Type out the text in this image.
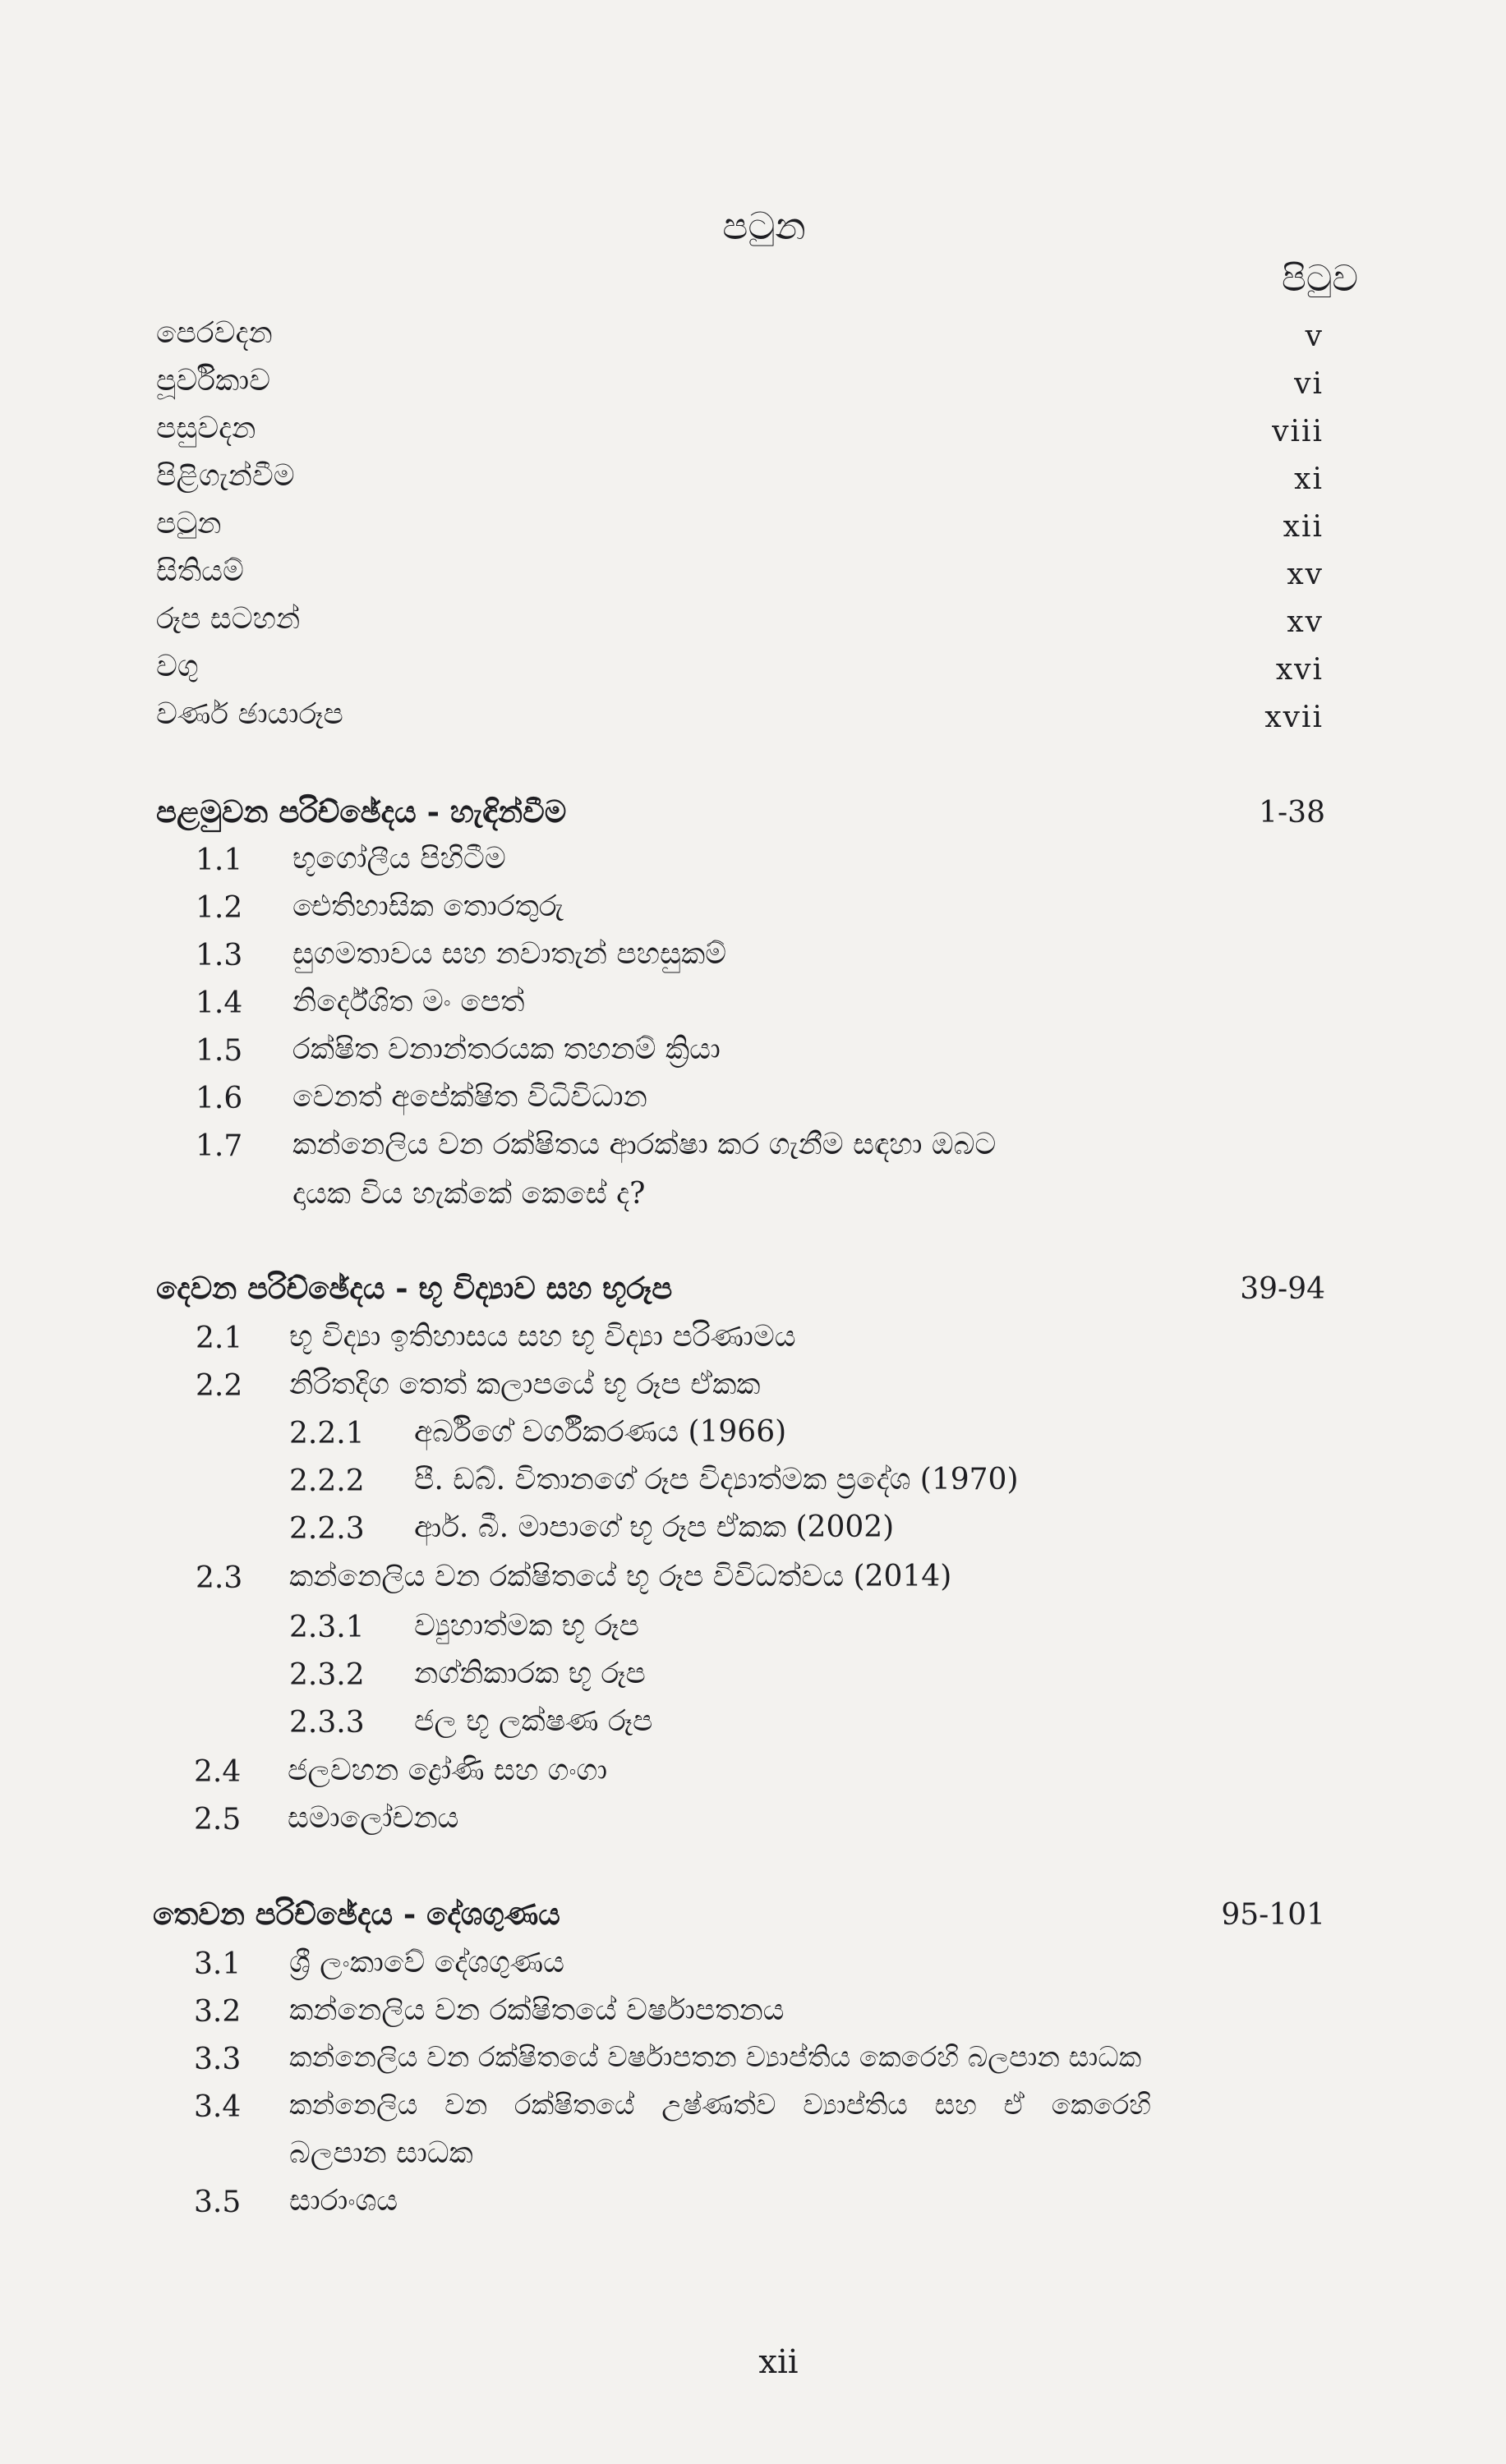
පටුන
පිටුව
පෙරවදන	v
පූර්විකාව	vi
පසුවදන	viii
පිළිගැන්වීම	xi
පටුන	xii
සිතියම්	xv
රූප සටහන්	xv
වගු	xvi
වර්ණ ඡායාරූප	xvii
පළමුවන පරිච්ඡේදය - හැඳින්වීම	1-38
1.1 භූගෝලීය පිහිටීම
1.2 ඓතිහාසික තොරතුරු
1.3 සුගමතාවය සහ නවාතැන් පහසුකම්
1.4 නිර්දේශිත මං පෙත්
1.5 රක්ෂිත වනාන්තරයක තහනම් ක්‍රියා
1.6 වෙනත් අපේක්ෂිත විධිවිධාන
1.7 කන්නෙලිය වන රක්ෂිතය ආරක්ෂා කර ගැනීම සඳහා ඔබට
දායක විය හැක්කේ කෙසේ ද?
දෙවන පරිච්ඡේදය - භූ විද්‍යාව සහ භූරූප	39-94
2.1 භූ විද්‍යා ඉතිහාසය සහ භූ විද්‍යා පරිණාමය
2.2 නිරිතදිග තෙත් කලාපයේ භූ රූප ඒකක
2.2.1 අර්බිගේ වර්ගීකරණය (1966)
2.2.2 පී. ඩබ්. විතානගේ රූප විද්‍යාත්මක ප්‍රදේශ (1970)
2.2.3 ආර්. බී. මාපාගේ භූ රූප ඒකක (2002)
2.3 කන්නෙලිය වන රක්ෂිතයේ භූ රූප විවිධත්වය (2014)
2.3.1 ව්‍යුහාත්මක භූ රූප
2.3.2 නග්නිකාරක භූ රූප
2.3.3 ජල භූ ලක්ෂණ රූප
2.4 ජලවහන ද්‍රෝණි සහ ගංගා
2.5 සමාලෝචනය
තෙවන පරිච්ඡේදය - දේශගුණය	95-101
3.1 ශ්‍රී ලංකාවේ දේශගුණය
3.2 කන්නෙලිය වන රක්ෂිතයේ වර්ෂාපතනය
3.3 කන්නෙලිය වන රක්ෂිතයේ වර්ෂාපතන ව්‍යාප්තිය කෙරෙහි බලපාන සාධක
3.4 කන්නෙලිය වන රක්ෂිතයේ උෂ්ණත්ව ව්‍යාප්තිය සහ ඒ කෙරෙහි
බලපාන සාධක
3.5 සාරාංශය
xii
